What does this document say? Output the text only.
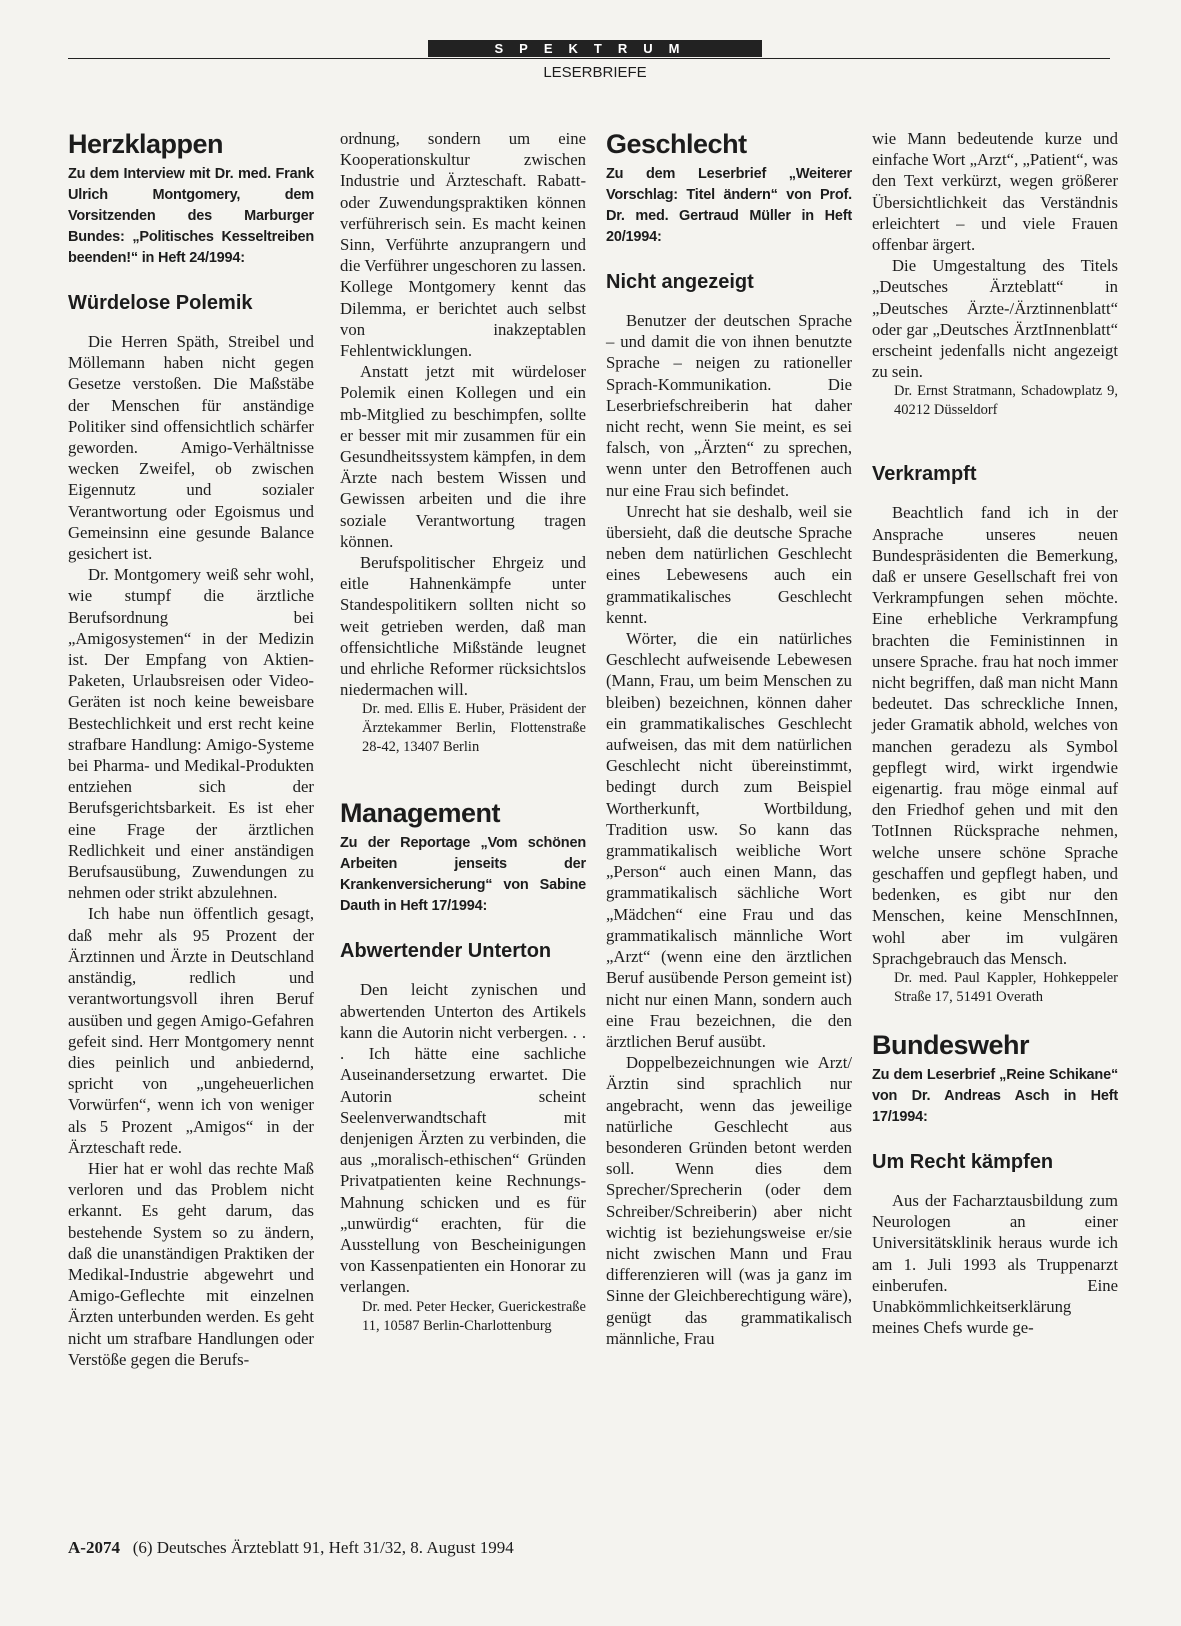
SPEKTRUM
LESERBRIEFE
Herzklappen

Zu dem Interview mit Dr. med. Frank Ulrich Montgomery, dem Vorsitzenden des Marburger Bundes: „Politisches Kesseltreiben beenden!“ in Heft 24/1994:

Würdelose Polemik

Die Herren Späth, Streibel und Möllemann haben nicht gegen Gesetze verstoßen. Die Maßstäbe der Menschen für anständige Politiker sind offensichtlich schärfer geworden. Amigo-Verhältnisse wecken Zweifel, ob zwischen Eigennutz und sozialer Verantwortung oder Egoismus und Gemeinsinn eine gesunde Balance gesichert ist.

Dr. Montgomery weiß sehr wohl, wie stumpf die ärztliche Berufsordnung bei „Amigosystemen“ in der Medizin ist. Der Empfang von Aktien-Paketen, Urlaubsreisen oder Video-Geräten ist noch keine beweisbare Bestechlichkeit und erst recht keine strafbare Handlung: Amigo-Systeme bei Pharma- und Medikal-Produkten entziehen sich der Berufsgerichtsbarkeit. Es ist eher eine Frage der ärztlichen Redlichkeit und einer anständigen Berufsausübung, Zuwendungen zu nehmen oder strikt abzulehnen.

Ich habe nun öffentlich gesagt, daß mehr als 95 Prozent der Ärztinnen und Ärzte in Deutschland anständig, redlich und verantwortungsvoll ihren Beruf ausüben und gegen Amigo-Gefahren gefeit sind. Herr Montgomery nennt dies peinlich und anbiedernd, spricht von „ungeheuerlichen Vorwürfen“, wenn ich von weniger als 5 Prozent „Amigos“ in der Ärzteschaft rede.

Hier hat er wohl das rechte Maß verloren und das Problem nicht erkannt. Es geht darum, das bestehende System so zu ändern, daß die unanständigen Praktiken der Medikal-Industrie abgewehrt und Amigo-Geflechte mit einzelnen Ärzten unterbunden werden. Es geht nicht um strafbare Handlungen oder Verstöße gegen die Berufs-

ordnung, sondern um eine Kooperationskultur zwischen Industrie und Ärzteschaft. Rabatt- oder Zuwendungspraktiken können verführerisch sein. Es macht keinen Sinn, Verführte anzuprangern und die Verführer ungeschoren zu lassen. Kollege Montgomery kennt das Dilemma, er berichtet auch selbst von inakzeptablen Fehlentwicklungen.

Anstatt jetzt mit würdeloser Polemik einen Kollegen und ein mb-Mitglied zu beschimpfen, sollte er besser mit mir zusammen für ein Gesundheitssystem kämpfen, in dem Ärzte nach bestem Wissen und Gewissen arbeiten und die ihre soziale Verantwortung tragen können.

Berufspolitischer Ehrgeiz und eitle Hahnenkämpfe unter Standespolitikern sollten nicht so weit getrieben werden, daß man offensichtliche Mißstände leugnet und ehrliche Reformer rücksichtslos niedermachen will.

Dr. med. Ellis E. Huber, Präsident der Ärztekammer Berlin, Flottenstraße 28-42, 13407 Berlin

Management

Zu der Reportage „Vom schönen Arbeiten jenseits der Krankenversicherung“ von Sabine Dauth in Heft 17/1994:

Abwertender Unterton

Den leicht zynischen und abwertenden Unterton des Artikels kann die Autorin nicht verbergen. . . . Ich hätte eine sachliche Auseinandersetzung erwartet. Die Autorin scheint Seelenverwandtschaft mit denjenigen Ärzten zu verbinden, die aus „moralisch-ethischen“ Gründen Privatpatienten keine Rechnungs-Mahnung schicken und es für „unwürdig“ erachten, für die Ausstellung von Bescheinigungen von Kassenpatienten ein Honorar zu verlangen.

Dr. med. Peter Hecker, Guerickestraße 11, 10587 Berlin-Charlottenburg

Geschlecht

Zu dem Leserbrief „Weiterer Vorschlag: Titel ändern“ von Prof. Dr. med. Gertraud Müller in Heft 20/1994:

Nicht angezeigt

Benutzer der deutschen Sprache – und damit die von ihnen benutzte Sprache – neigen zu rationeller Sprach-Kommunikation. Die Leserbriefschreiberin hat daher nicht recht, wenn Sie meint, es sei falsch, von „Ärzten“ zu sprechen, wenn unter den Betroffenen auch nur eine Frau sich befindet.

Unrecht hat sie deshalb, weil sie übersieht, daß die deutsche Sprache neben dem natürlichen Geschlecht eines Lebewesens auch ein grammatikalisches Geschlecht kennt.

Wörter, die ein natürliches Geschlecht aufweisende Lebewesen (Mann, Frau, um beim Menschen zu bleiben) bezeichnen, können daher ein grammatikalisches Geschlecht aufweisen, das mit dem natürlichen Geschlecht nicht übereinstimmt, bedingt durch zum Beispiel Wortherkunft, Wortbildung, Tradition usw. So kann das grammatikalisch weibliche Wort „Person“ auch einen Mann, das grammatikalisch sächliche Wort „Mädchen“ eine Frau und das grammatikalisch männliche Wort „Arzt“ (wenn eine den ärztlichen Beruf ausübende Person gemeint ist) nicht nur einen Mann, sondern auch eine Frau bezeichnen, die den ärztlichen Beruf ausübt.

Doppelbezeichnungen wie Arzt/Ärztin sind sprachlich nur angebracht, wenn das jeweilige natürliche Geschlecht aus besonderen Gründen betont werden soll. Wenn dies dem Sprecher/Sprecherin (oder dem Schreiber/Schreiberin) aber nicht wichtig ist beziehungsweise er/sie nicht zwischen Mann und Frau differenzieren will (was ja ganz im Sinne der Gleichberechtigung wäre), genügt das grammatikalisch männliche, Frau

wie Mann bedeutende kurze und einfache Wort „Arzt“, „Patient“, was den Text verkürzt, wegen größerer Übersichtlichkeit das Verständnis erleichtert – und viele Frauen offenbar ärgert.

Die Umgestaltung des Titels „Deutsches Ärzteblatt“ in „Deutsches Ärzte-/Ärztinnenblatt“ oder gar „Deutsches ÄrztInnenblatt“ erscheint jedenfalls nicht angezeigt zu sein.

Dr. Ernst Stratmann, Schadowplatz 9, 40212 Düsseldorf

Verkrampft

Beachtlich fand ich in der Ansprache unseres neuen Bundespräsidenten die Bemerkung, daß er unsere Gesellschaft frei von Verkrampfungen sehen möchte. Eine erhebliche Verkrampfung brachten die Feministinnen in unsere Sprache. frau hat noch immer nicht begriffen, daß man nicht Mann bedeutet. Das schreckliche Innen, jeder Gramatik abhold, welches von manchen geradezu als Symbol gepflegt wird, wirkt irgendwie eigenartig. frau möge einmal auf den Friedhof gehen und mit den TotInnen Rücksprache nehmen, welche unsere schöne Sprache geschaffen und gepflegt haben, und bedenken, es gibt nur den Menschen, keine MenschInnen, wohl aber im vulgären Sprachgebrauch das Mensch.

Dr. med. Paul Kappler, Hohkeppeler Straße 17, 51491 Overath

Bundeswehr

Zu dem Leserbrief „Reine Schikane“ von Dr. Andreas Asch in Heft 17/1994:

Um Recht kämpfen

Aus der Facharztausbildung zum Neurologen an einer Universitätsklinik heraus wurde ich am 1. Juli 1993 als Truppenarzt einberufen. Eine Unabkömmlichkeitserklärung meines Chefs wurde ge-

A-2074 (6) Deutsches Ärzteblatt 91, Heft 31/32, 8. August 1994
